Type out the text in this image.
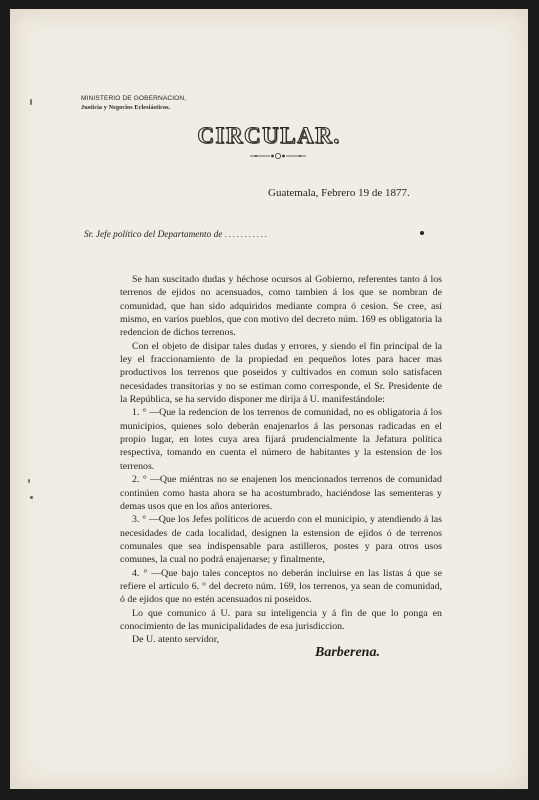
MINISTERIO DE GOBERNACION,
Justicia y Negocios Eclesiásticos.
CIRCULAR.
Guatemala, Febrero 19 de 1877.
Sr. Jefe político del Departamento de ...........

Se han suscitado dudas y héchose ocursos al Gobierno, referentes tanto á los terrenos de ejidos no acensuados, como tambien á los que se nombran de comunidad, que han sido adquiridos mediante compra ó cesion. Se cree, así mismo, en varios pueblos, que con motivo del decreto núm. 169 es obligatoria la redencion de dichos terrenos.

Con el objeto de disipar tales dudas y errores, y siendo el fin principal de la ley el fraccionamiento de la propiedad en pequeños lotes para hacer mas productivos los terrenos que poseidos y cultivados en comun solo satisfacen necesidades transitorias y no se estiman como corresponde, el Sr. Presidente de la República, se ha servido disponer me dirija á U. manifestándole:

1. ° —Que la redencion de los terrenos de comunidad, no es obligatoria á los municipios, quienes solo deberán enajenarlos á las personas radicadas en el propio lugar, en lotes cuya area fijará prudencialmente la Jefatura política respectiva, tomando en cuenta el número de habitantes y la estension de los terrenos.

2. ° —Que miéntras no se enajenen los mencionados terrenos de comunidad continúen como hasta ahora se ha acostumbrado, haciéndose las sementeras y demas usos que en los años anteriores.

3. ° —Que los Jefes políticos de acuerdo con el municipio, y atendiendo á las necesidades de cada localidad, designen la estension de ejidos ó de terrenos comunales que sea indispensable para astilleros, postes y para otros usos comunes, la cual no podrá enajenarse; y finalmente,

4. ° —Que bajo tales conceptos no deberán incluirse en las listas á que se refiere el artículo 6. ° del decreto núm. 169, los terrenos, ya sean de comunidad, ó de ejidos que no estén acensuados ni poseidos.

Lo que comunico á U. para su inteligencia y á fin de que lo ponga en conocimiento de las municipalidades de esa jurisdiccion.

De U. atento servidor,

Barberena.
